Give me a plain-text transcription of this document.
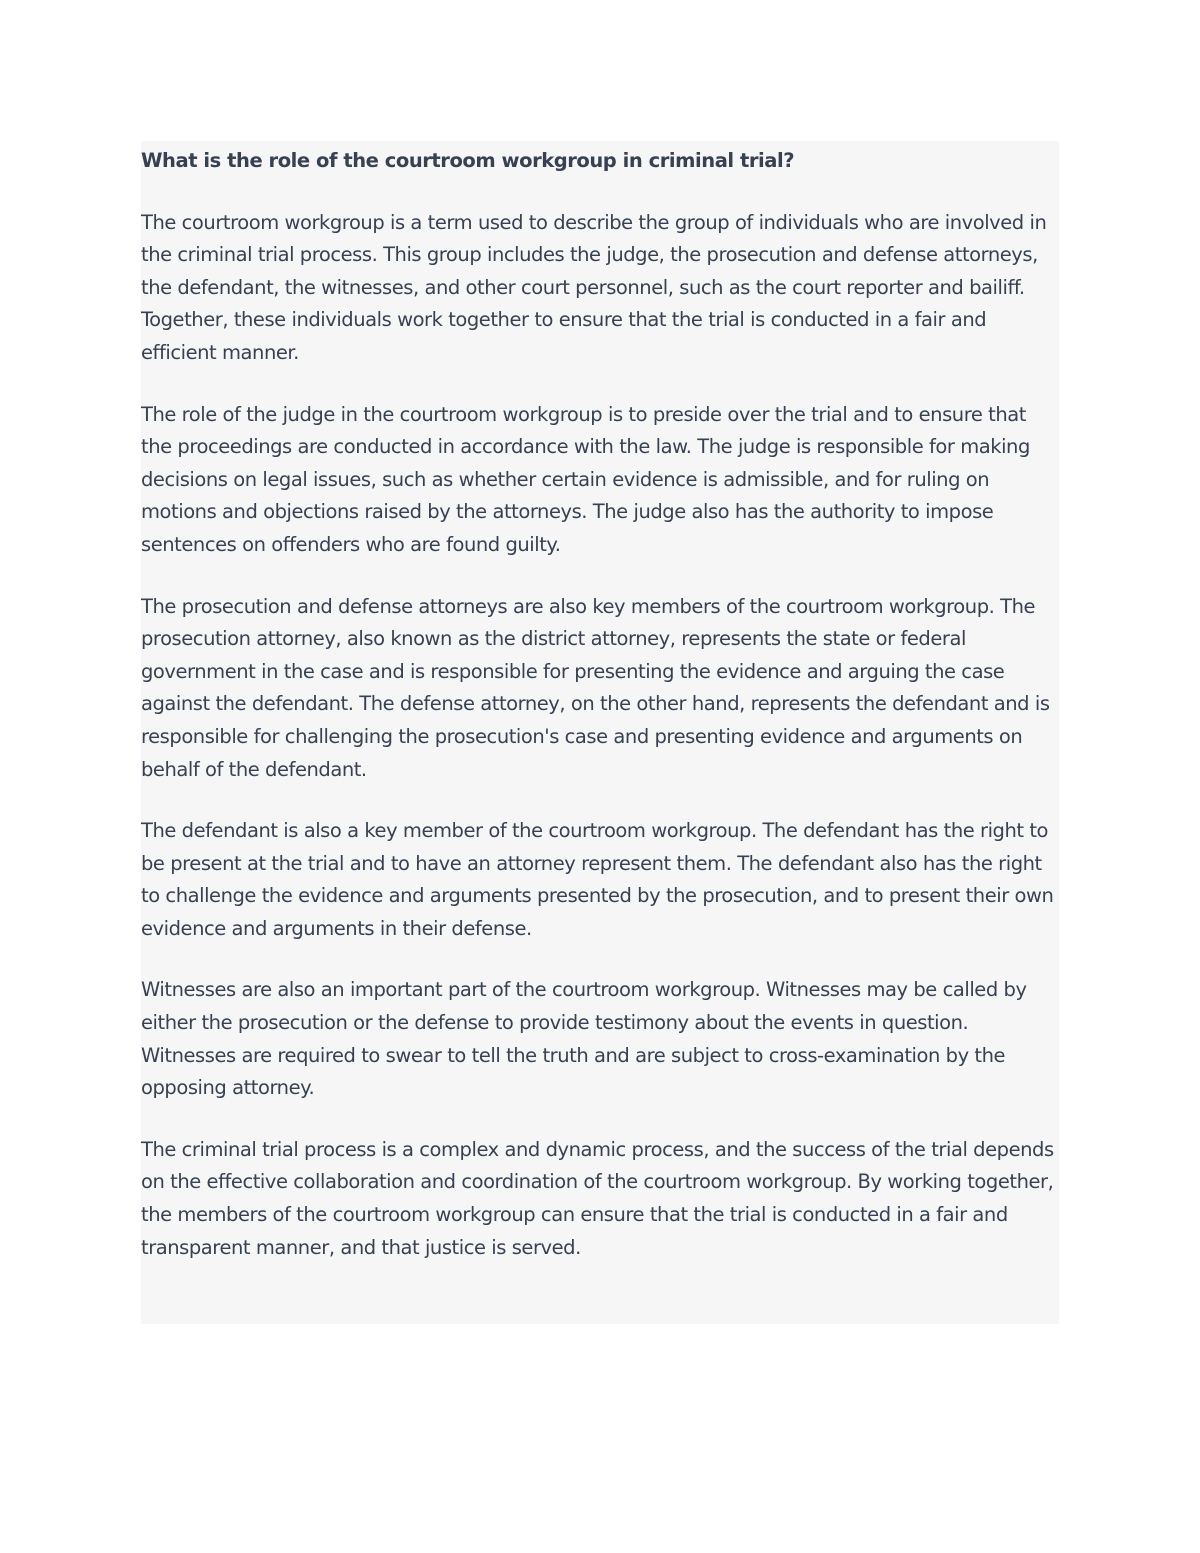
What is the role of the courtroom workgroup in criminal trial?

The courtroom workgroup is a term used to describe the group of individuals who are involved in the criminal trial process. This group includes the judge, the prosecution and defense attorneys, the defendant, the witnesses, and other court personnel, such as the court reporter and bailiff. Together, these individuals work together to ensure that the trial is conducted in a fair and efficient manner.

The role of the judge in the courtroom workgroup is to preside over the trial and to ensure that the proceedings are conducted in accordance with the law. The judge is responsible for making decisions on legal issues, such as whether certain evidence is admissible, and for ruling on motions and objections raised by the attorneys. The judge also has the authority to impose sentences on offenders who are found guilty.

The prosecution and defense attorneys are also key members of the courtroom workgroup. The prosecution attorney, also known as the district attorney, represents the state or federal government in the case and is responsible for presenting the evidence and arguing the case against the defendant. The defense attorney, on the other hand, represents the defendant and is responsible for challenging the prosecution's case and presenting evidence and arguments on behalf of the defendant.

The defendant is also a key member of the courtroom workgroup. The defendant has the right to be present at the trial and to have an attorney represent them. The defendant also has the right to challenge the evidence and arguments presented by the prosecution, and to present their own evidence and arguments in their defense.

Witnesses are also an important part of the courtroom workgroup. Witnesses may be called by either the prosecution or the defense to provide testimony about the events in question. Witnesses are required to swear to tell the truth and are subject to cross-examination by the opposing attorney.

The criminal trial process is a complex and dynamic process, and the success of the trial depends on the effective collaboration and coordination of the courtroom workgroup. By working together, the members of the courtroom workgroup can ensure that the trial is conducted in a fair and transparent manner, and that justice is served.
